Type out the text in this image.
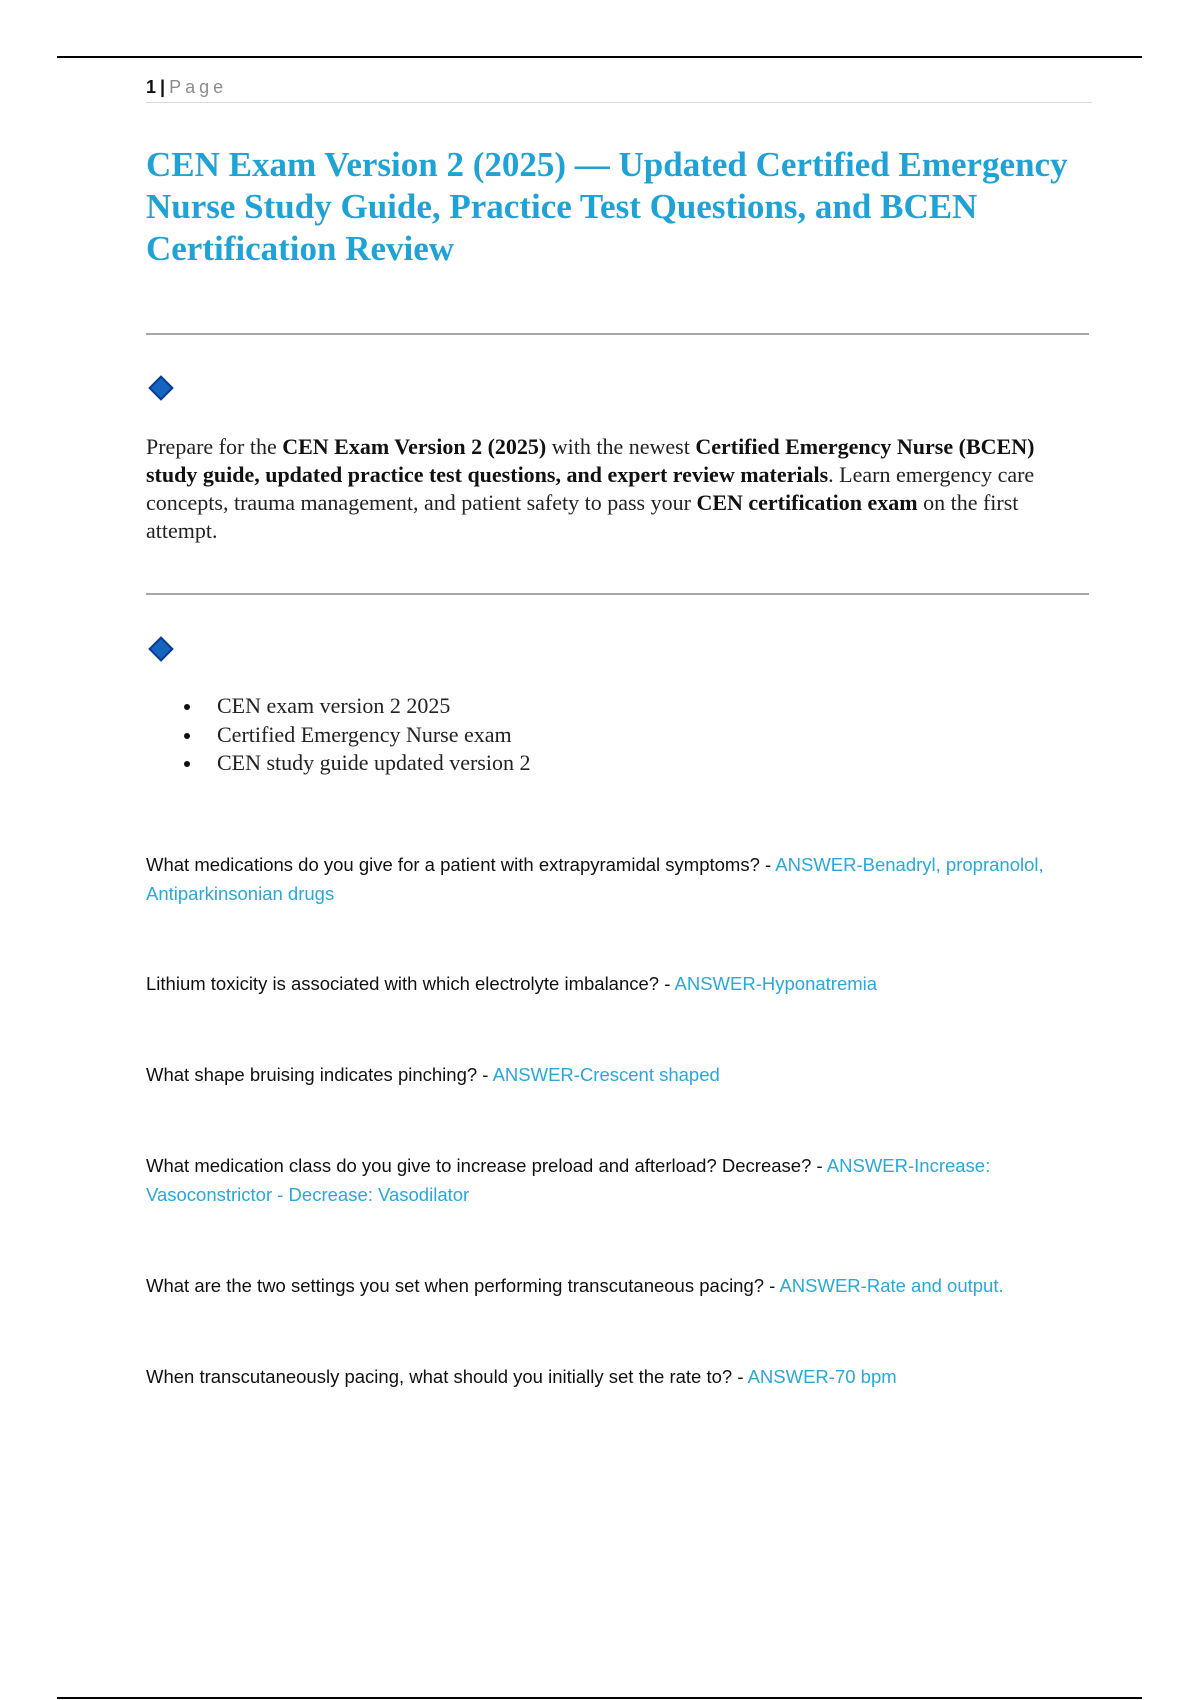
1 | Page
CEN Exam Version 2 (2025) — Updated Certified Emergency Nurse Study Guide, Practice Test Questions, and BCEN Certification Review

Prepare for the CEN Exam Version 2 (2025) with the newest Certified Emergency Nurse (BCEN) study guide, updated practice test questions, and expert review materials. Learn emergency care concepts, trauma management, and patient safety to pass your CEN certification exam on the first attempt.

CEN exam version 2 2025
Certified Emergency Nurse exam
CEN study guide updated version 2

What medications do you give for a patient with extrapyramidal symptoms? - ANSWER-Benadryl, propranolol, Antiparkinsonian drugs

Lithium toxicity is associated with which electrolyte imbalance? - ANSWER-Hyponatremia

What shape bruising indicates pinching? - ANSWER-Crescent shaped

What medication class do you give to increase preload and afterload? Decrease? - ANSWER-Increase: Vasoconstrictor - Decrease: Vasodilator

What are the two settings you set when performing transcutaneous pacing? - ANSWER-Rate and output.

When transcutaneously pacing, what should you initially set the rate to? - ANSWER-70 bpm
